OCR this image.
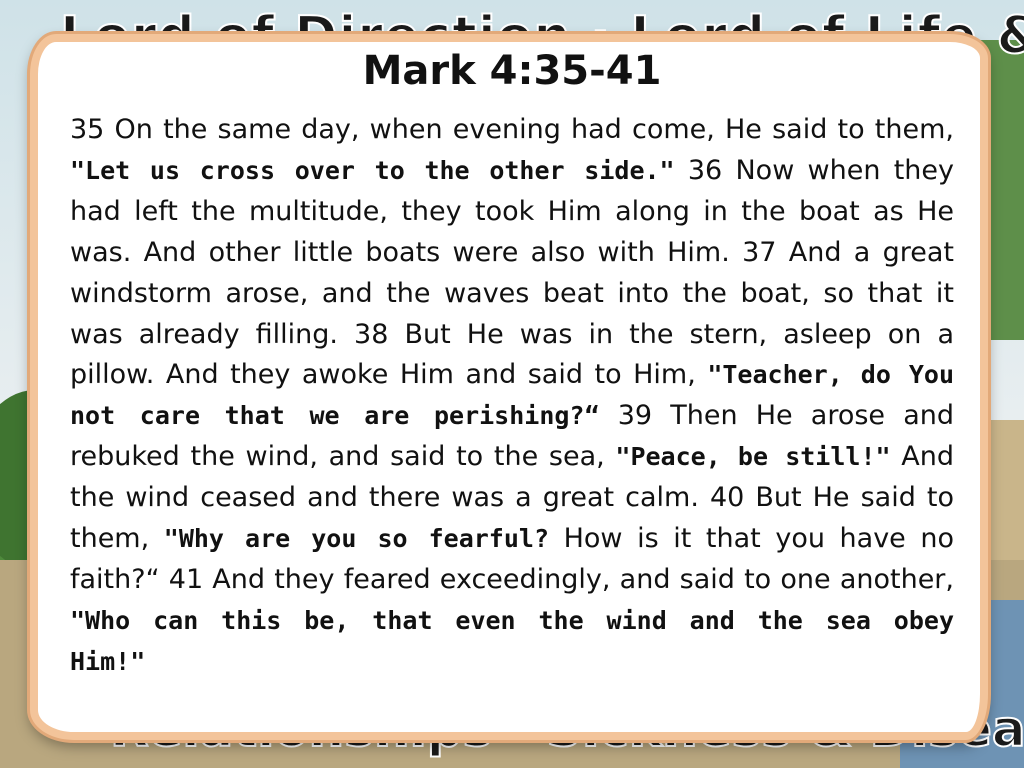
Mark 4:35-41

35 On the same day, when evening had come, He said to them, "Let us cross over to the other side." 36 Now when they had left the multitude, they took Him along in the boat as He was. And other little boats were also with Him. 37 And a great windstorm arose, and the waves beat into the boat, so that it was already filling. 38 But He was in the stern, asleep on a pillow. And they awoke Him and said to Him, "Teacher, do You not care that we are perishing?“ 39 Then He arose and rebuked the wind, and said to the sea, "Peace, be still!" And the wind ceased and there was a great calm. 40 But He said to them, "Why are you so fearful? How is it that you have no faith?“ 41 And they feared exceedingly, and said to one another, "Who can this be, that even the wind and the sea obey Him!"
